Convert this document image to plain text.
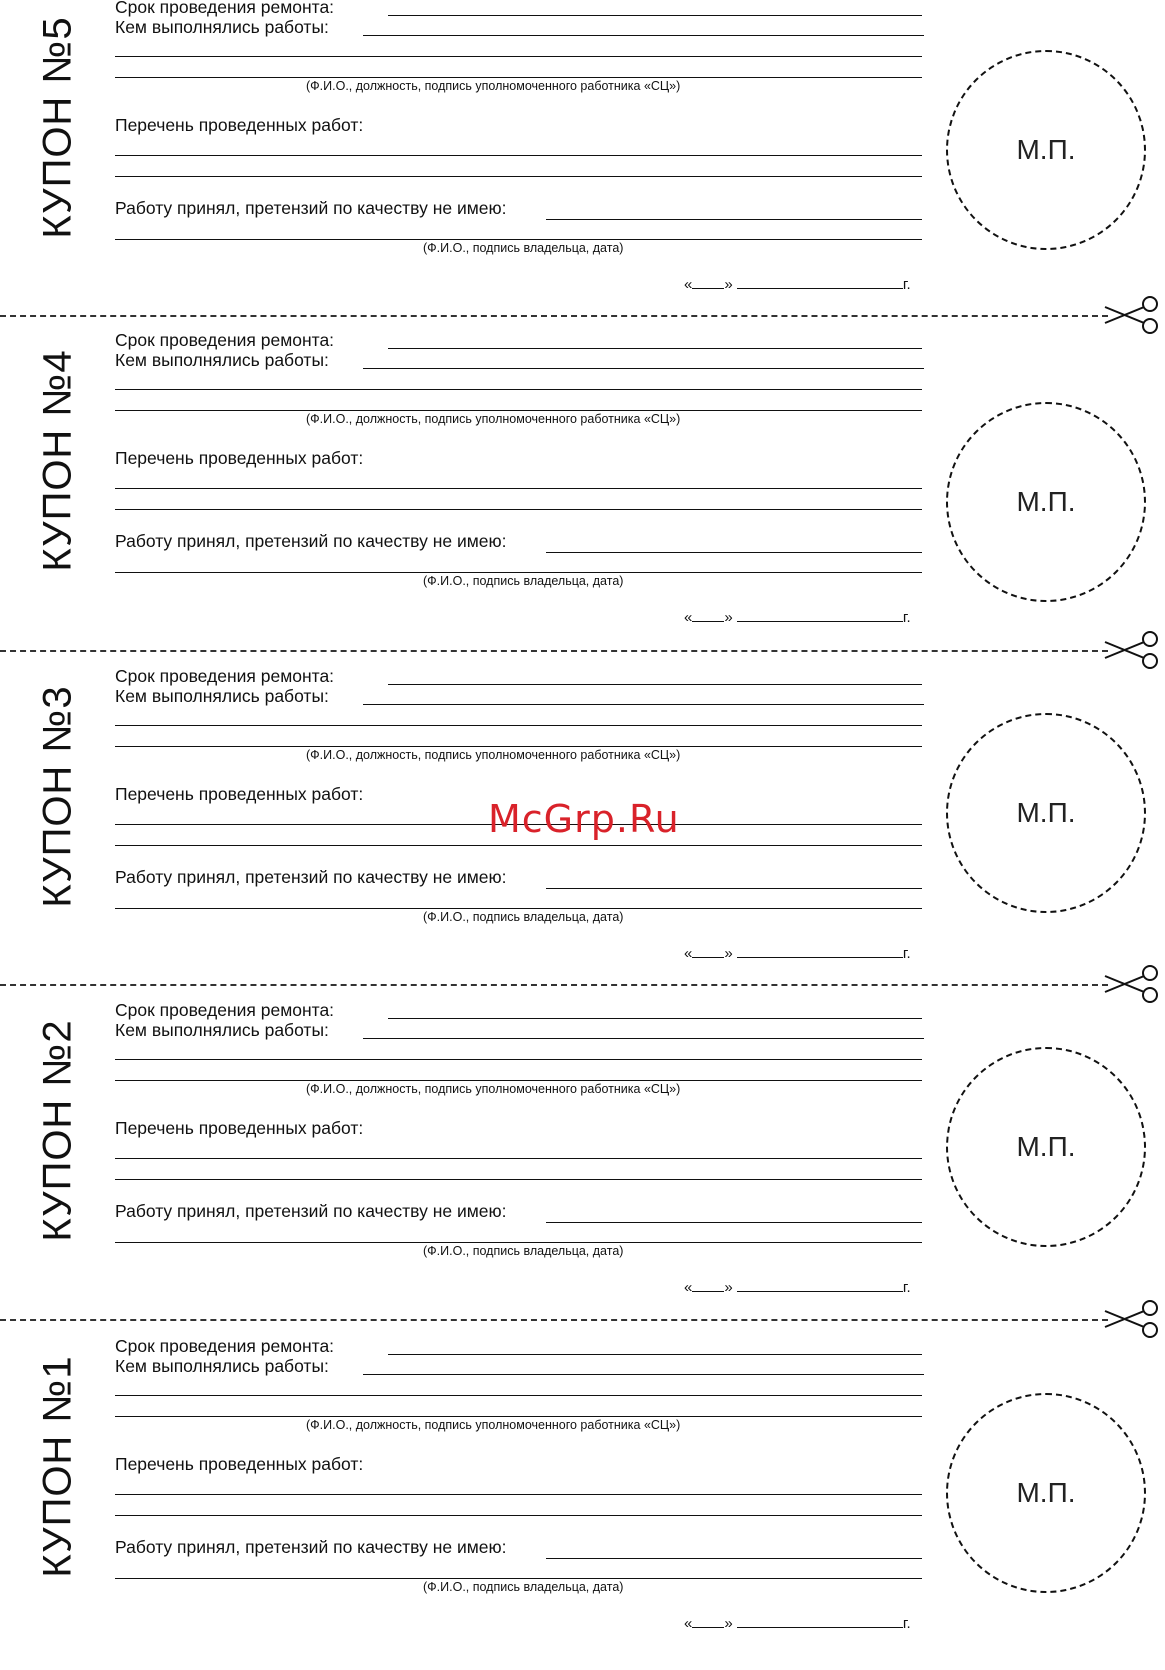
КУПОН №5
Срок проведения ремонта:
Кем выполнялись работы:
(Ф.И.О., должность, подпись уполномоченного работника «СЦ»)
Перечень проведенных работ:
Работу принял, претензий по качеству не имею:
(Ф.И.О., подпись владельца, дата)
М.П.
« »	г.
КУПОН №4
Срок проведения ремонта:
Кем выполнялись работы:
(Ф.И.О., должность, подпись уполномоченного работника «СЦ»)
Перечень проведенных работ:
Работу принял, претензий по качеству не имею:
(Ф.И.О., подпись владельца, дата)
М.П.
« »	г.
КУПОН №3
Срок проведения ремонта:
Кем выполнялись работы:
(Ф.И.О., должность, подпись уполномоченного работника «СЦ»)
Перечень проведенных работ:
Работу принял, претензий по качеству не имею:
(Ф.И.О., подпись владельца, дата)
М.П.
« »	г.
КУПОН №2
Срок проведения ремонта:
Кем выполнялись работы:
(Ф.И.О., должность, подпись уполномоченного работника «СЦ»)
Перечень проведенных работ:
Работу принял, претензий по качеству не имею:
(Ф.И.О., подпись владельца, дата)
М.П.
« »	г.
КУПОН №1
Срок проведения ремонта:
Кем выполнялись работы:
(Ф.И.О., должность, подпись уполномоченного работника «СЦ»)
Перечень проведенных работ:
Работу принял, претензий по качеству не имею:
(Ф.И.О., подпись владельца, дата)
М.П.
« »	г.
McGrp.Ru
